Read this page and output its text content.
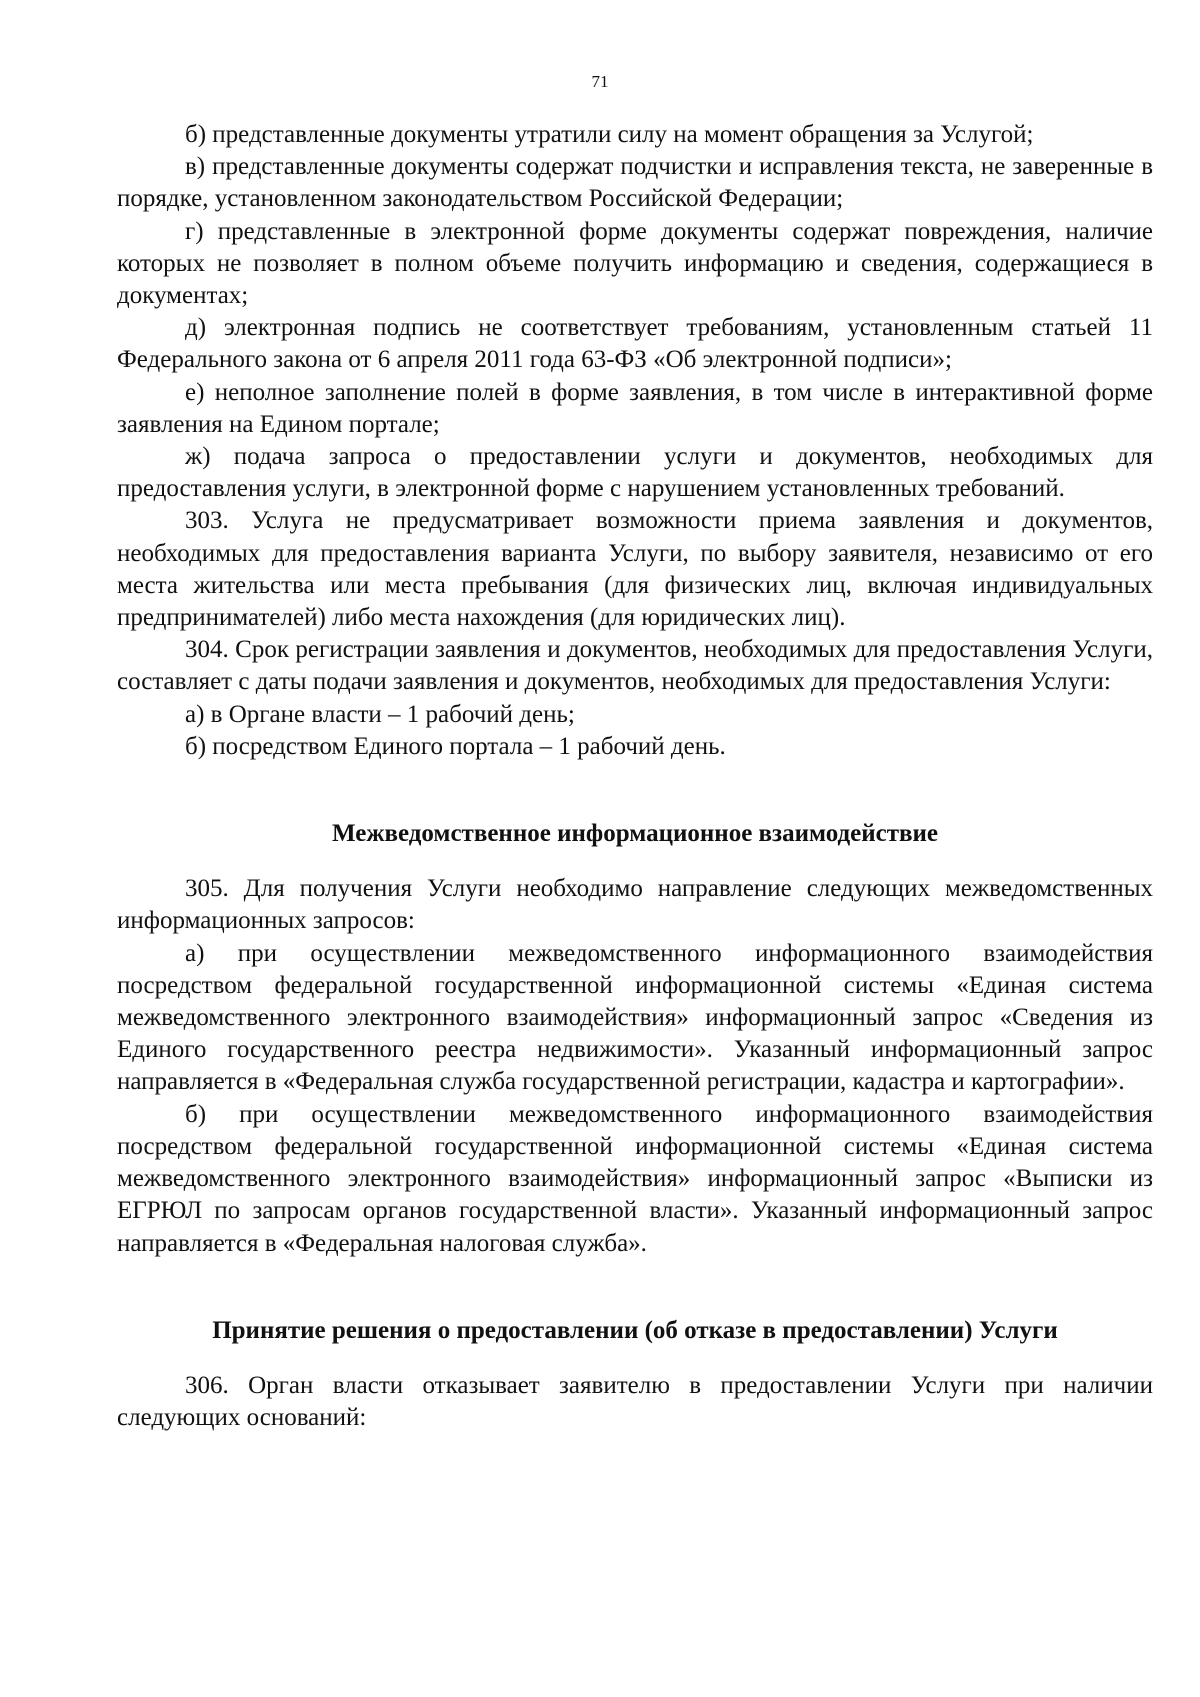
71

б) представленные документы утратили силу на момент обращения за Услугой;

в) представленные документы содержат подчистки и исправления текста, не заверенные в порядке, установленном законодательством Российской Федерации;

г) представленные в электронной форме документы содержат повреждения, наличие которых не позволяет в полном объеме получить информацию и сведения, содержащиеся в документах;

д) электронная подпись не соответствует требованиям, установленным статьей 11 Федерального закона от 6 апреля 2011 года 63-ФЗ «Об электронной подписи»;

е) неполное заполнение полей в форме заявления, в том числе в интерактивной форме заявления на Едином портале;

ж) подача запроса о предоставлении услуги и документов, необходимых для предоставления услуги, в электронной форме с нарушением установленных требований.

303. Услуга не предусматривает возможности приема заявления и документов, необходимых для предоставления варианта Услуги, по выбору заявителя, независимо от его места жительства или места пребывания (для физических лиц, включая индивидуальных предпринимателей) либо места нахождения (для юридических лиц).

304. Срок регистрации заявления и документов, необходимых для предоставления Услуги, составляет с даты подачи заявления и документов, необходимых для предоставления Услуги:

а) в Органе власти – 1 рабочий день;

б) посредством Единого портала – 1 рабочий день.

Межведомственное информационное взаимодействие

305. Для получения Услуги необходимо направление следующих межведомственных информационных запросов:

а) при осуществлении межведомственного информационного взаимодействия посредством федеральной государственной информационной системы «Единая система межведомственного электронного взаимодействия» информационный запрос «Сведения из Единого государственного реестра недвижимости». Указанный информационный запрос направляется в «Федеральная служба государственной регистрации, кадастра и картографии».

б) при осуществлении межведомственного информационного взаимодействия посредством федеральной государственной информационной системы «Единая система межведомственного электронного взаимодействия» информационный запрос «Выписки из ЕГРЮЛ по запросам органов государственной власти». Указанный информационный запрос направляется в «Федеральная налоговая служба».

Принятие решения о предоставлении (об отказе в предоставлении) Услуги

306. Орган власти отказывает заявителю в предоставлении Услуги при наличии следующих оснований:
